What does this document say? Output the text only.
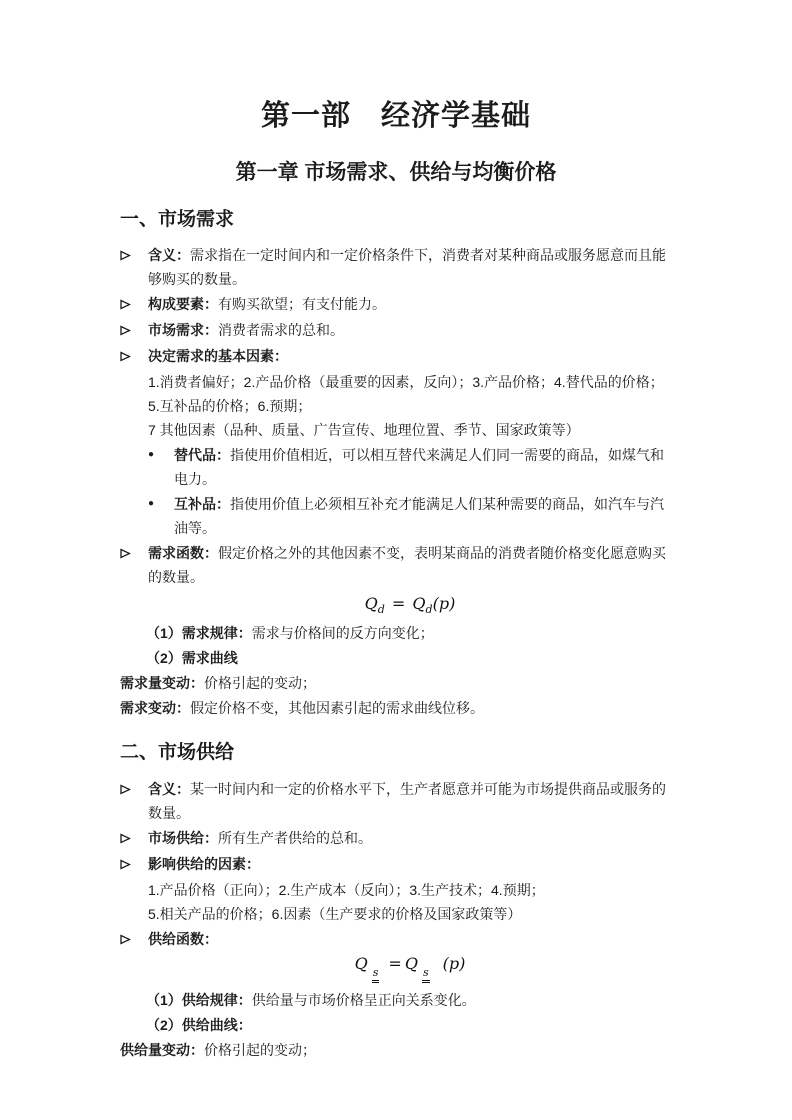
第一部　经济学基础
第一章 市场需求、供给与均衡价格
一、市场需求
含义：需求指在一定时间内和一定价格条件下，消费者对某种商品或服务愿意而且能够购买的数量。
构成要素：有购买欲望；有支付能力。
市场需求：消费者需求的总和。
决定需求的基本因素：
1.消费者偏好；2.产品价格（最重要的因素，反向）；3.产品价格；4.替代品的价格；
5.互补品的价格；6.预期；
7 其他因素（品种、质量、广告宣传、地理位置、季节、国家政策等）
●	替代品：指使用价值相近，可以相互替代来满足人们同一需要的商品，如煤气和电力。
●	互补品：指使用价值上必须相互补充才能满足人们某种需要的商品，如汽车与汽油等。
需求函数：假定价格之外的其他因素不变，表明某商品的消费者随价格变化愿意购买的数量。
$Q_d = Q_d(p)$
（1）需求规律：需求与价格间的反方向变化；
（2）需求曲线
需求量变动：价格引起的变动；
需求变动：假定价格不变，其他因素引起的需求曲线位移。
二、市场供给
含义：某一时间内和一定的价格水平下，生产者愿意并可能为市场提供商品或服务的数量。
市场供给：所有生产者供给的总和。
影响供给的因素：
1.产品价格（正向）；2.生产成本（反向）；3.生产技术；4.预期；
5.相关产品的价格；6.因素（生产要求的价格及国家政策等）
供给函数：
Q s = Q s (p)
（1）供给规律：供给量与市场价格呈正向关系变化。
（2）供给曲线：
供给量变动：价格引起的变动；
